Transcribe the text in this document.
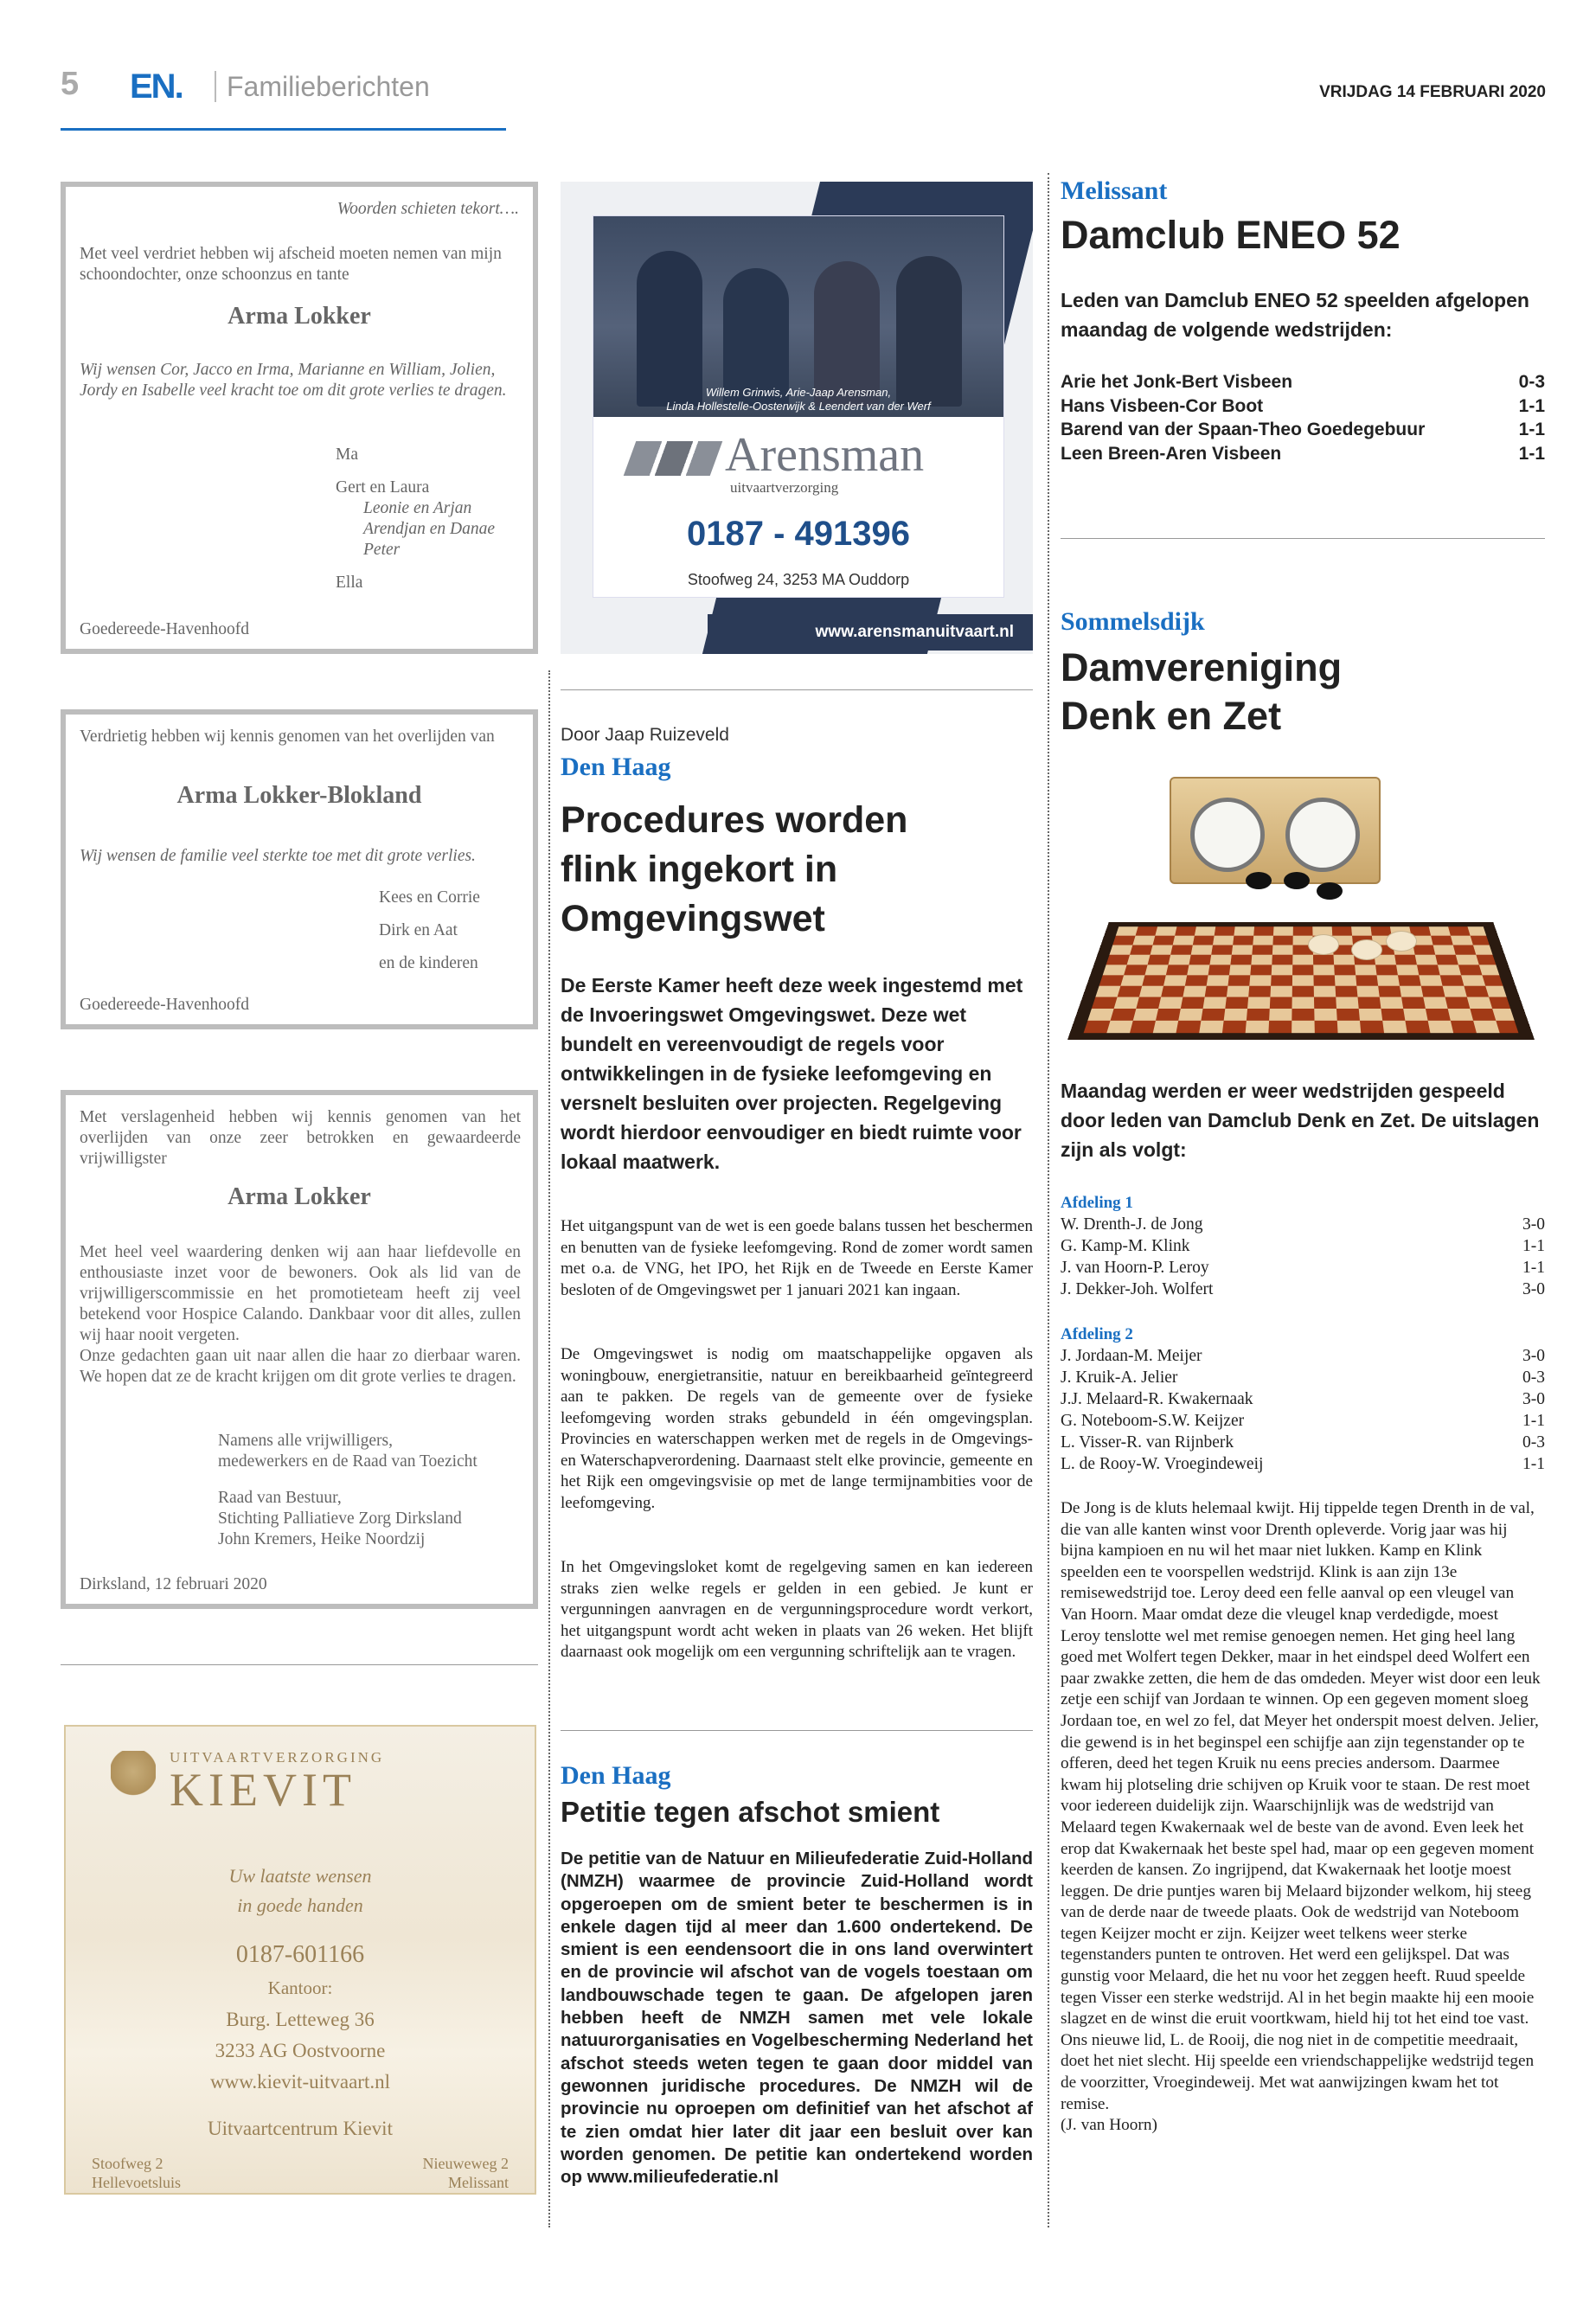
5 EN.	Familieberichten	VRIJDAG 14 FEBRUARI 2020
Woorden schieten tekort….
Met veel verdriet hebben wij afscheid moeten nemen van mijn schoondochter, onze schoonzus en tante
Arma Lokker
Wij wensen Cor, Jacco en Irma, Marianne en William, Jolien, Jordy en Isabelle veel kracht toe om dit grote verlies te dragen.
Ma
Gert en Laura
Leonie en Arjan
Arendjan en Danae
Peter
Ella
Goedereede-Havenhoofd
Verdrietig hebben wij kennis genomen van het overlijden van
Arma Lokker-Blokland
Wij wensen de familie veel sterkte toe met dit grote verlies.
Kees en Corrie
Dirk en Aat
en de kinderen
Goedereede-Havenhoofd
Met verslagenheid hebben wij kennis genomen van het overlijden van onze zeer betrokken en gewaardeerde vrijwilligster
Arma Lokker
Met heel veel waardering denken wij aan haar liefdevolle en enthousiaste inzet voor de bewoners. Ook als lid van de vrijwilligerscommissie en het promotieteam heeft zij veel betekend voor Hospice Calando. Dankbaar voor dit alles, zullen wij haar nooit vergeten.
Onze gedachten gaan uit naar allen die haar zo dierbaar waren. We hopen dat ze de kracht krijgen om dit grote verlies te dragen.
Namens alle vrijwilligers,
medewerkers en de Raad van Toezicht
Raad van Bestuur,
Stichting Palliatieve Zorg Dirksland
John Kremers, Heike Noordzij
Dirksland, 12 februari 2020
UITVAARTVERZORGING
KIEVIT
Uw laatste wensen
in goede handen
0187-601166
Kantoor:
Burg. Letteweg 36
3233 AG Oostvoorne
www.kievit-uitvaart.nl
Uitvaartcentrum Kievit
Stoofweg 2
Hellevoetsluis
Nieuweweg 2
Melissant
Willem Grinwis, Arie-Jaap Arensman,
Linda Hollestelle-Oosterwijk & Leendert van der Werf
Arensman
uitvaartverzorging
0187 - 491396
Stoofweg 24, 3253 MA Ouddorp
www.arensmanuitvaart.nl
Door Jaap Ruizeveld
Den Haag
Procedures worden
flink ingekort in
Omgevingswet
De Eerste Kamer heeft deze week ingestemd met de Invoeringswet Omgevingswet. Deze wet bundelt en vereenvoudigt de regels voor ontwikkelingen in de fysieke leefomgeving en versnelt besluiten over projecten. Regelgeving wordt hierdoor eenvoudiger en biedt ruimte voor lokaal maatwerk.
Het uitgangspunt van de wet is een goede balans tussen het beschermen en benutten van de fysieke leefomgeving. Rond de zomer wordt samen met o.a. de VNG, het IPO, het Rijk en de Tweede en Eerste Kamer besloten of de Omgevingswet per 1 januari 2021 kan ingaan.
De Omgevingswet is nodig om maatschappelijke opgaven als woningbouw, energietransitie, natuur en bereikbaarheid geïntegreerd aan te pakken. De regels van de gemeente over de fysieke leefomgeving worden straks gebundeld in één omgevingsplan. Provincies en waterschappen werken met de regels in de Omgevings- en Waterschapverordening. Daarnaast stelt elke provincie, gemeente en het Rijk een omgevingsvisie op met de lange termijnambities voor de leefomgeving.
In het Omgevingsloket komt de regelgeving samen en kan iedereen straks zien welke regels er gelden in een gebied. Je kunt er vergunningen aanvragen en de vergunningsprocedure wordt verkort, het uitgangspunt wordt acht weken in plaats van 26 weken. Het blijft daarnaast ook mogelijk om een vergunning schriftelijk aan te vragen.
Den Haag
Petitie tegen afschot smient
De petitie van de Natuur en Milieufederatie Zuid-Holland (NMZH) waarmee de provincie Zuid-Holland wordt opgeroepen om de smient beter te beschermen is in enkele dagen tijd al meer dan 1.600 ondertekend. De smient is een eendensoort die in ons land overwintert en de provincie wil afschot van de vogels toestaan om landbouwschade tegen te gaan. De afgelopen jaren hebben heeft de NMZH samen met vele lokale natuurorganisaties en Vogelbescherming Nederland het afschot steeds weten tegen te gaan door middel van gewonnen juridische procedures. De NMZH wil de provincie nu oproepen om definitief van het afschot af te zien omdat hier later dit jaar een besluit over kan worden genomen. De petitie kan ondertekend worden op www.milieufederatie.nl
Melissant
Damclub ENEO 52
Leden van Damclub ENEO 52 speelden afgelopen maandag de volgende wedstrijden:
Arie het Jonk-Bert Visbeen	0-3
Hans Visbeen-Cor Boot	1-1
Barend van der Spaan-Theo Goedegebuur	1-1
Leen Breen-Aren Visbeen	1-1
Sommelsdijk
Damvereniging
Denk en Zet
Maandag werden er weer wedstrijden gespeeld door leden van Damclub Denk en Zet. De uitslagen zijn als volgt:
Afdeling 1
W. Drenth-J. de Jong	3-0
G. Kamp-M. Klink	1-1
J. van Hoorn-P. Leroy	1-1
J. Dekker-Joh. Wolfert	3-0
Afdeling 2
J. Jordaan-M. Meijer	3-0
J. Kruik-A. Jelier	0-3
J.J. Melaard-R. Kwakernaak	3-0
G. Noteboom-S.W. Keijzer	1-1
L. Visser-R. van Rijnberk	0-3
L. de Rooy-W. Vroegindeweij	1-1
De Jong is de kluts helemaal kwijt. Hij tippelde tegen Drenth in de val, die van alle kanten winst voor Drenth opleverde. Vorig jaar was hij bijna kampioen en nu wil het maar niet lukken. Kamp en Klink speelden een te voorspellen wedstrijd. Klink is aan zijn 13e remisewedstrijd toe. Leroy deed een felle aanval op een vleugel van Van Hoorn. Maar omdat deze die vleugel knap verdedigde, moest Leroy tenslotte wel met remise genoegen nemen. Het ging heel lang goed met Wolfert tegen Dekker, maar in het eindspel deed Wolfert een paar zwakke zetten, die hem de das omdeden. Meyer wist door een leuk zetje een schijf van Jordaan te winnen. Op een gegeven moment sloeg Jordaan toe, en wel zo fel, dat Meyer het onderspit moest delven. Jelier, die gewend is in het beginspel een schijfje aan zijn tegenstander op te offeren, deed het tegen Kruik nu eens precies andersom. Daarmee kwam hij plotseling drie schijven op Kruik voor te staan. De rest moet voor iedereen duidelijk zijn. Waarschijnlijk was de wedstrijd van Melaard tegen Kwakernaak wel de beste van de avond. Even leek het erop dat Kwakernaak het beste spel had, maar op een gegeven moment keerden de kansen. Zo ingrijpend, dat Kwakernaak het lootje moest leggen. De drie puntjes waren bij Melaard bijzonder welkom, hij steeg van de derde naar de tweede plaats. Ook de wedstrijd van Noteboom tegen Keijzer mocht er zijn. Keijzer weet telkens weer sterke tegenstanders punten te ontroven. Het werd een gelijkspel. Dat was gunstig voor Melaard, die het nu voor het zeggen heeft. Ruud speelde tegen Visser een sterke wedstrijd. Al in het begin maakte hij een mooie slagzet en de winst die eruit voortkwam, hield hij tot het eind toe vast. Ons nieuwe lid, L. de Rooij, die nog niet in de competitie meedraait, doet het niet slecht. Hij speelde een vriendschappelijke wedstrijd tegen de voorzitter, Vroegindeweij. Met wat aanwijzingen kwam het tot remise.
(J. van Hoorn)
